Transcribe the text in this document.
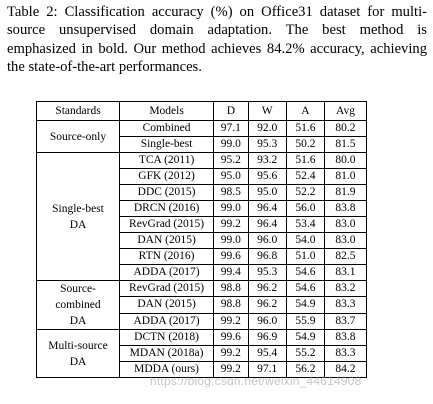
Table 2: Classification accuracy (%) on Office31 dataset for multi-source unsupervised domain adaptation. The best method is emphasized in bold. Our method achieves 84.2% accuracy, achieving the state-of-the-art performances.

Standards	Models	D	W	A	Avg
Source-only	Combined	97.1	92.0	51.6	80.2
	Single-best	99.0	95.3	50.2	81.5
Single-best DA	TCA (2011)	95.2	93.2	51.6	80.0
	GFK (2012)	95.0	95.6	52.4	81.0
	DDC (2015)	98.5	95.0	52.2	81.9
	DRCN (2016)	99.0	96.4	56.0	83.8
	RevGrad (2015)	99.2	96.4	53.4	83.0
	DAN (2015)	99.0	96.0	54.0	83.0
	RTN (2016)	99.6	96.8	51.0	82.5
	ADDA (2017)	99.4	95.3	54.6	83.1
Source-combined DA	RevGrad (2015)	98.8	96.2	54.6	83.2
	DAN (2015)	98.8	96.2	54.9	83.3
	ADDA (2017)	99.2	96.0	55.9	83.7
Multi-source DA	DCTN (2018)	99.6	96.9	54.9	83.8
	MDAN (2018a)	99.2	95.4	55.2	83.3
	MDDA (ours)	99.2	97.1	56.2	84.2
https://blog.csdn.net/weixin_44614908
